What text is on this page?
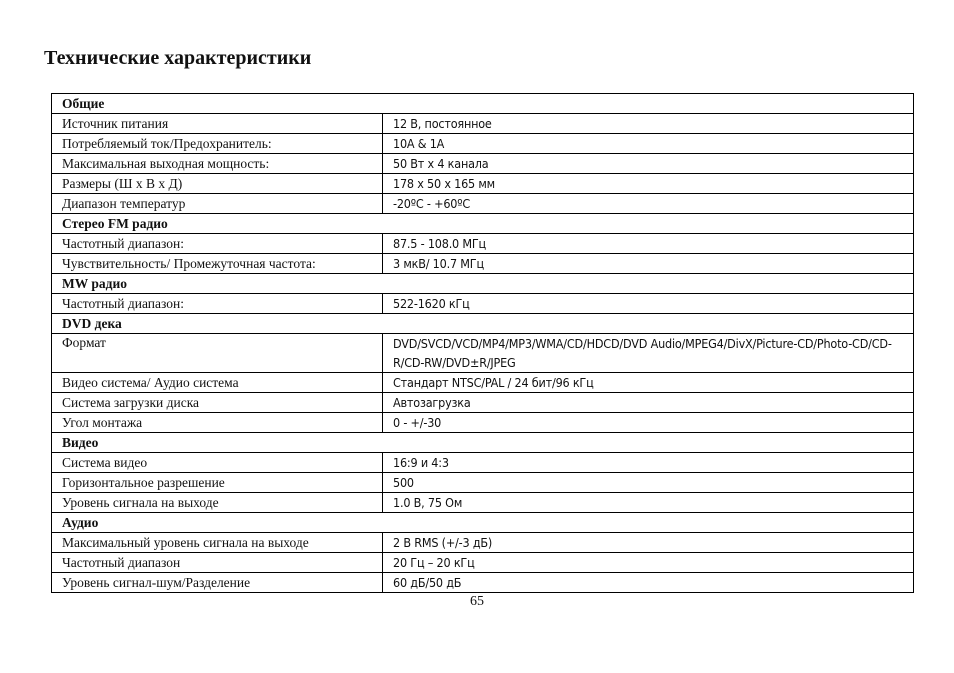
Технические характеристики
Общие	
Источник питания	12 В, постоянное
Потребляемый ток/Предохранитель:	10A & 1A
Максимальная выходная мощность:	50 Вт х 4 канала
Размеры (Ш х В х Д)	178 x 50 x 165 мм
Диапазон температур	-20ºC - +60ºC
Стерео FM радио	
Частотный диапазон:	87.5 - 108.0 МГц
Чувствительность/ Промежуточная частота:	3 мкВ/ 10.7 МГц
MW радио	
Частотный диапазон:	522-1620 кГц
DVD дека	
Формат	DVD/SVCD/VCD/MP4/MP3/WMA/CD/HDCD/DVD Audio/MPEG4/DivX/Picture-CD/Photo-CD/CD-R/CD-RW/DVD±R/JPEG
Видео система/ Аудио система	Стандарт NTSC/PAL / 24 бит/96 кГц
Система загрузки диска	Автозагрузка
Угол монтажа	0 - +/-30
Видео	
Система видео	16:9 и 4:3
Горизонтальное разрешение	500
Уровень сигнала на выходе	1.0 В, 75 Ом
Аудио	
Максимальный уровень сигнала на выходе	2 В RMS (+/-3 дБ)
Частотный диапазон	20 Гц – 20 кГц
Уровень сигнал-шум/Разделение	60 дБ/50 дБ
65
